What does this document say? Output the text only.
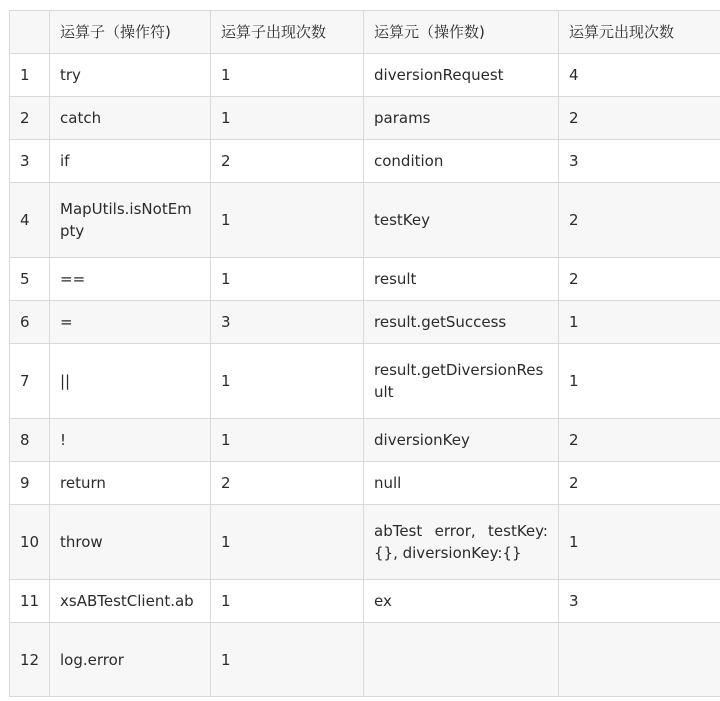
	运算子（操作符)	运算子出现次数	运算元（操作数)	运算元出现次数
1	try	1	diversionRequest	4
2	catch	1	params	2
3	if	2	condition	3
4	MapUtils.isNotEmpty	1	testKey	2
5	==	1	result	2
6	=	3	result.getSuccess	1
7	||	1	result.getDiversionResult	1
8	!	1	diversionKey	2
9	return	2	null	2
10	throw	1	abTest error, testKey:{}, diversionKey:{}	1
11	xsABTestClient.ab	1	ex	3
12	log.error	1		
